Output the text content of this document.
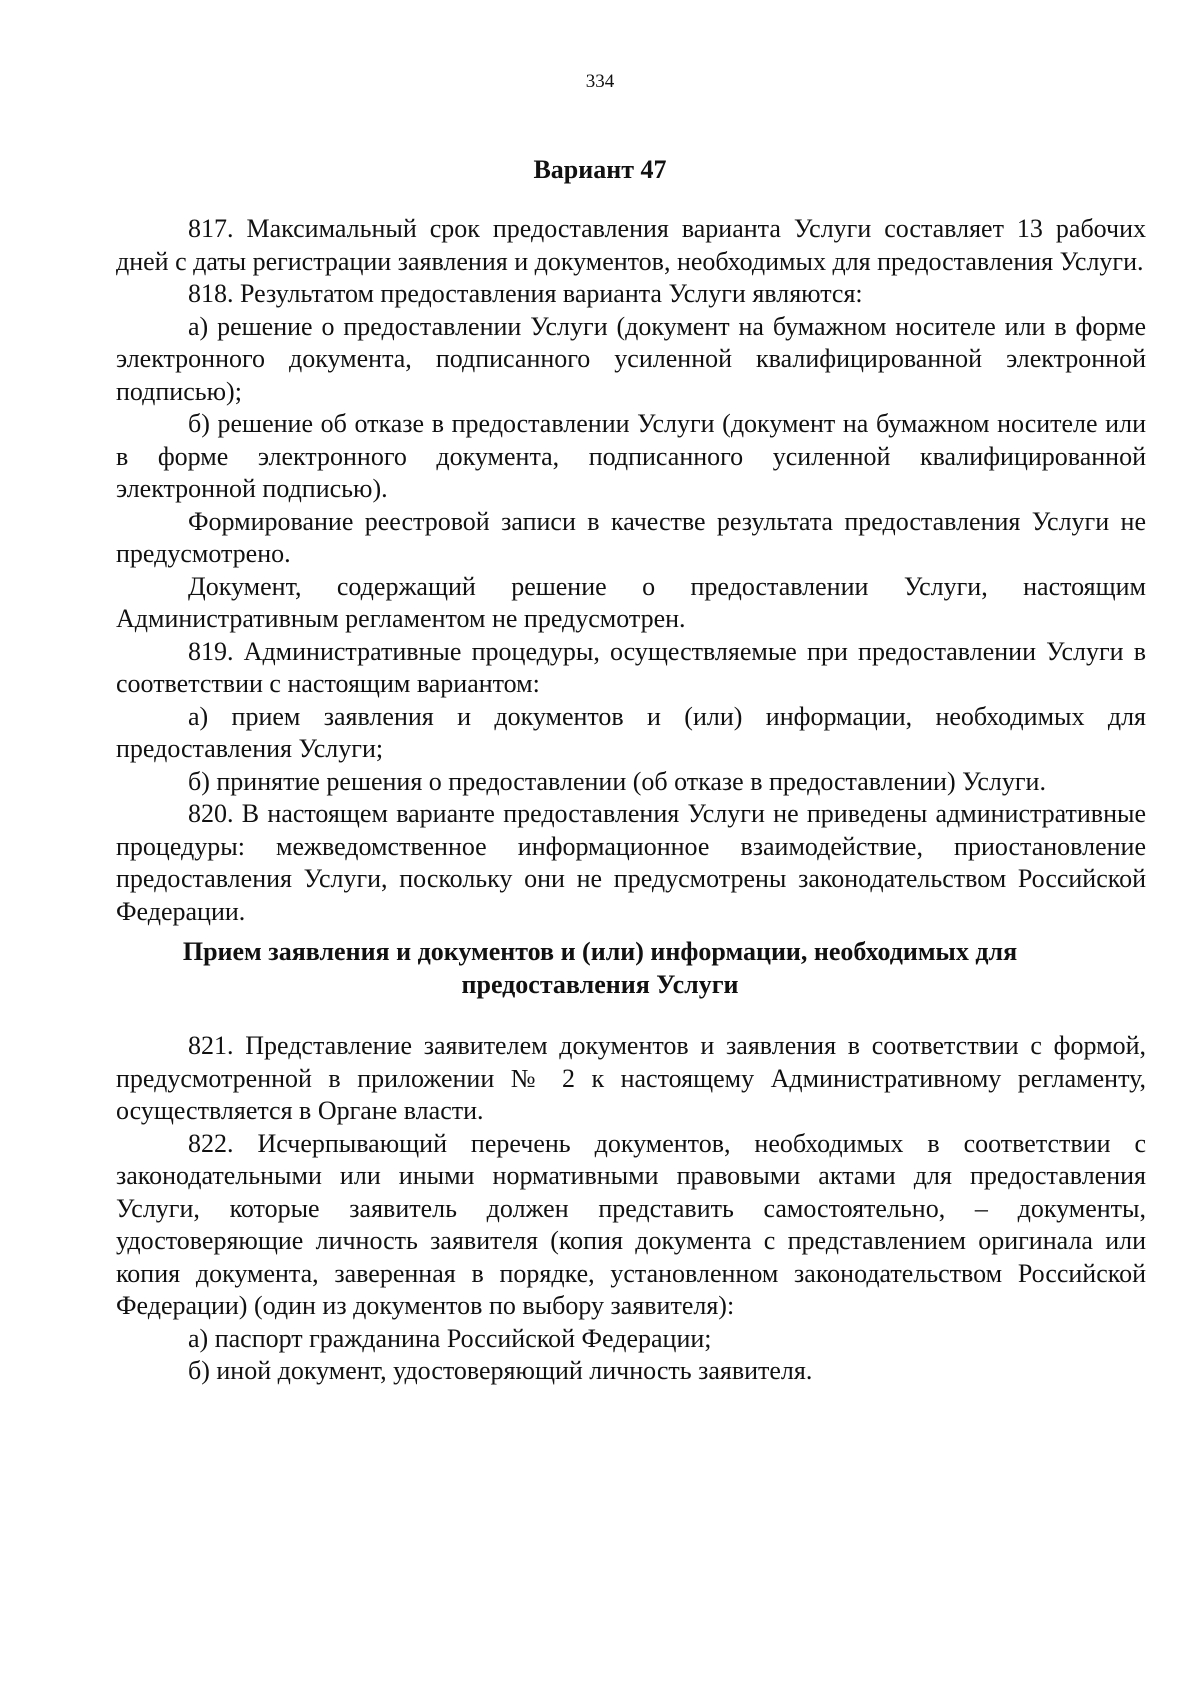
334
Вариант 47

817. Максимальный срок предоставления варианта Услуги составляет 13 рабочих дней с даты регистрации заявления и документов, необходимых для предоставления Услуги.

818. Результатом предоставления варианта Услуги являются:

а) решение о предоставлении Услуги (документ на бумажном носителе или в форме электронного документа, подписанного усиленной квалифицированной электронной подписью);

б) решение об отказе в предоставлении Услуги (документ на бумажном носителе или в форме электронного документа, подписанного усиленной квалифицированной электронной подписью).

Формирование реестровой записи в качестве результата предоставления Услуги не предусмотрено.

Документ, содержащий решение о предоставлении Услуги, настоящим Административным регламентом не предусмотрен.

819. Административные процедуры, осуществляемые при предоставлении Услуги в соответствии с настоящим вариантом:

а) прием заявления и документов и (или) информации, необходимых для предоставления Услуги;

б) принятие решения о предоставлении (об отказе в предоставлении) Услуги.

820. В настоящем варианте предоставления Услуги не приведены административные процедуры: межведомственное информационное взаимодействие, приостановление предоставления Услуги, поскольку они не предусмотрены законодательством Российской Федерации.

Прием заявления и документов и (или) информации, необходимых для
предоставления Услуги

821. Представление заявителем документов и заявления в соответствии с формой, предусмотренной в приложении № 2 к настоящему Административному регламенту, осуществляется в Органе власти.

822. Исчерпывающий перечень документов, необходимых в соответствии с законодательными или иными нормативными правовыми актами для предоставления Услуги, которые заявитель должен представить самостоятельно, – документы, удостоверяющие личность заявителя (копия документа с представлением оригинала или копия документа, заверенная в порядке, установленном законодательством Российской Федерации) (один из документов по выбору заявителя):

а) паспорт гражданина Российской Федерации;

б) иной документ, удостоверяющий личность заявителя.
